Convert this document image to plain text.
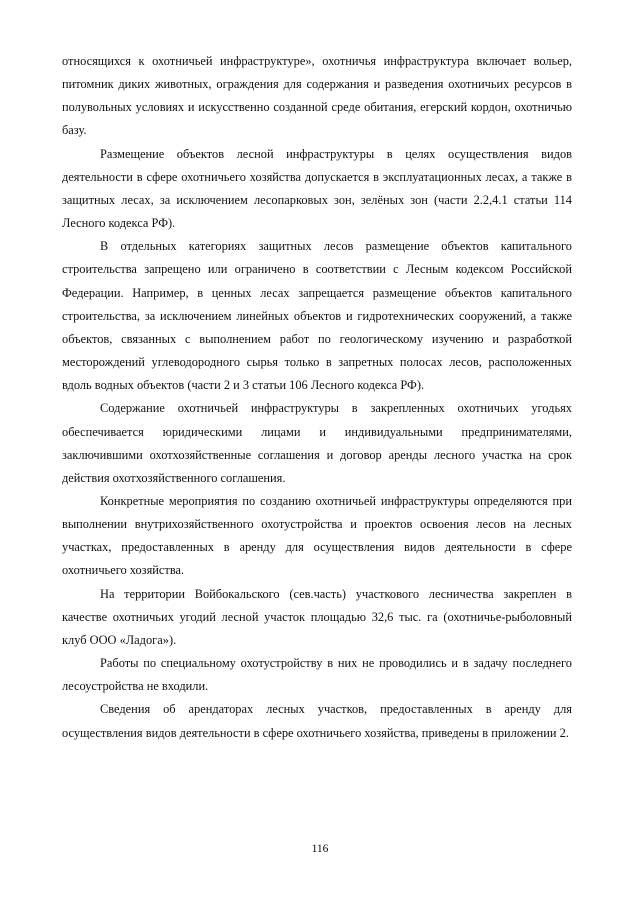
относящихся к охотничьей инфраструктуре», охотничья инфраструктура включает вольер, питомник диких животных, ограждения для содержания и разведения охотничьих ресурсов в полувольных условиях и искусственно созданной среде обитания, егерский кордон, охотничью базу.

Размещение объектов лесной инфраструктуры в целях осуществления видов деятельности в сфере охотничьего хозяйства допускается в эксплуатационных лесах, а также в защитных лесах, за исключением лесопарковых зон, зелёных зон (части 2.2,4.1 статьи 114 Лесного кодекса РФ).

В отдельных категориях защитных лесов размещение объектов капитального строительства запрещено или ограничено в соответствии с Лесным кодексом Российской Федерации. Например, в ценных лесах запрещается размещение объектов капитального строительства, за исключением линейных объектов и гидротехнических сооружений, а также объектов, связанных с выполнением работ по геологическому изучению и разработкой месторождений углеводородного сырья только в запретных полосах лесов, расположенных вдоль водных объектов (части 2 и 3 статьи 106 Лесного кодекса РФ).

Содержание охотничьей инфраструктуры в закрепленных охотничьих угодьях обеспечивается юридическими лицами и индивидуальными предпринимателями, заключившими охотхозяйственные соглашения и договор аренды лесного участка на срок действия охотхозяйственного соглашения.

Конкретные мероприятия по созданию охотничьей инфраструктуры определяются при выполнении внутрихозяйственного охотустройства и проектов освоения лесов на лесных участках, предоставленных в аренду для осуществления видов деятельности в сфере охотничьего хозяйства.

На территории Войбокальского (сев.часть) участкового лесничества закреплен в качестве охотничьих угодий лесной участок площадью 32,6 тыс. га (охотничье-рыболовный клуб ООО «Ладога»).

Работы по специальному охотустройству в них не проводились и в задачу последнего лесоустройства не входили.

Сведения об арендаторах лесных участков, предоставленных в аренду для осуществления видов деятельности в сфере охотничьего хозяйства, приведены в приложении 2.

116
